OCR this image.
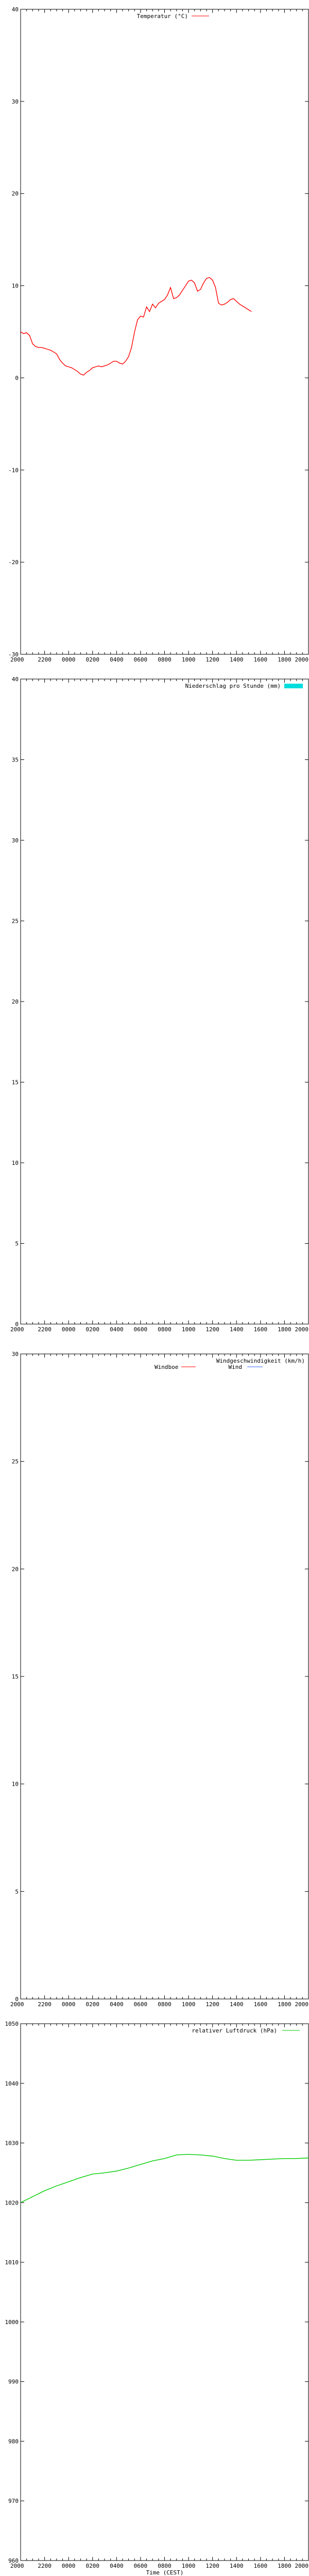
40
30
20
10
0
-10
-20
-30
2000 2200 0000 0200 0400 0600 0800 1000 1200 1400 1600 1800 2000
Temperatur (°C)
40
35
30
25
20
15
10
5
0
2000 2200 0000 0200 0400 0600 0800 1000 1200 1400 1600 1800 2000
Niederschlag pro Stunde (mm)
30
25
20
15
10
5
0
2000 2200 0000 0200 0400 0600 0800 1000 1200 1400 1600 1800 2000
Windgeschwindigkeit (km/h)
Windboe	Wind
1050
1040
1030
1020
1010
1000
990
980
970
960
2000 2200 0000 0200 0400 0600 0800 1000 1200 1400 1600 1800 2000
Time (CEST)
relativer Luftdruck (hPa)
